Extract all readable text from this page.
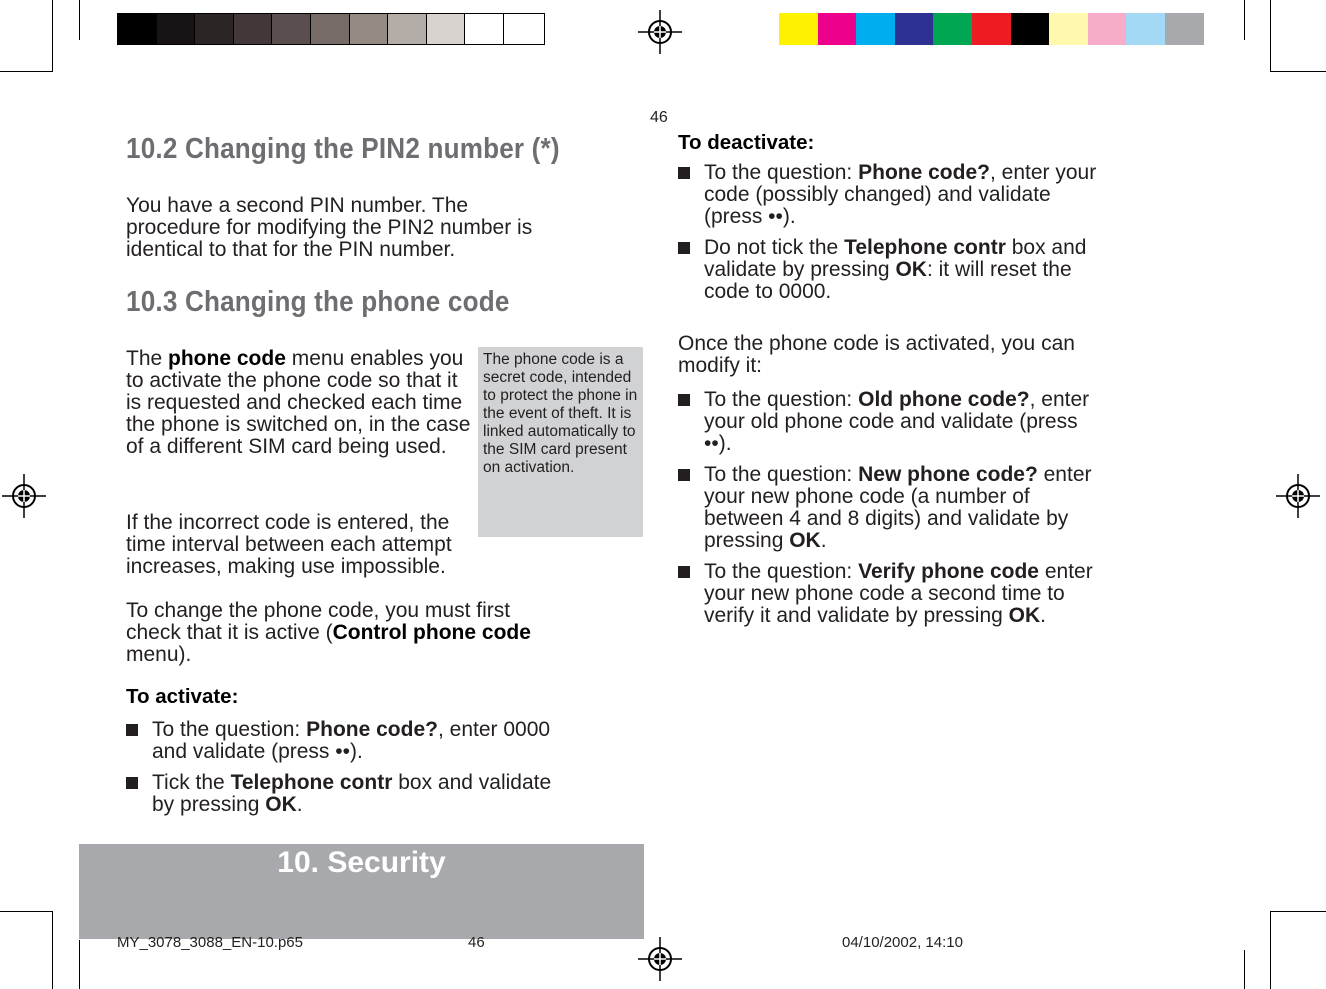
10. Security
46
10.2 Changing the PIN2 number (*)
You have a second PIN number. The procedure for modifying the PIN2 number is identical to that for the PIN number.
10.3 Changing the phone code
The phone code menu enables you to activate the phone code so that it is requested and checked each time the phone is switched on, in the case of a different SIM card being used.
The phone code is a secret code, intended to protect the phone in the event of theft. It is linked automatically to the SIM card present on activation.
If the incorrect code is entered, the time interval between each attempt increases, making use impossible.
To change the phone code, you must first check that it is active (Control phone code menu).
To activate:
To the question: Phone code?, enter 0000 and validate (press ••).
Tick the Telephone contr box and validate by pressing OK.
To deactivate:
To the question: Phone code?, enter your code (possibly changed) and validate (press ••).
Do not tick the Telephone contr box and validate by pressing OK: it will reset the code to 0000.
Once the phone code is activated, you can modify it:
To the question: Old phone code?, enter your old phone code and validate (press ••).
To the question: New phone code? enter your new phone code (a number of between 4 and 8 digits) and validate by pressing OK.
To the question: Verify phone code enter your new phone code a second time to verify it and validate by pressing OK.
MY_3078_3088_EN-10.p65	46	04/10/2002, 14:10
